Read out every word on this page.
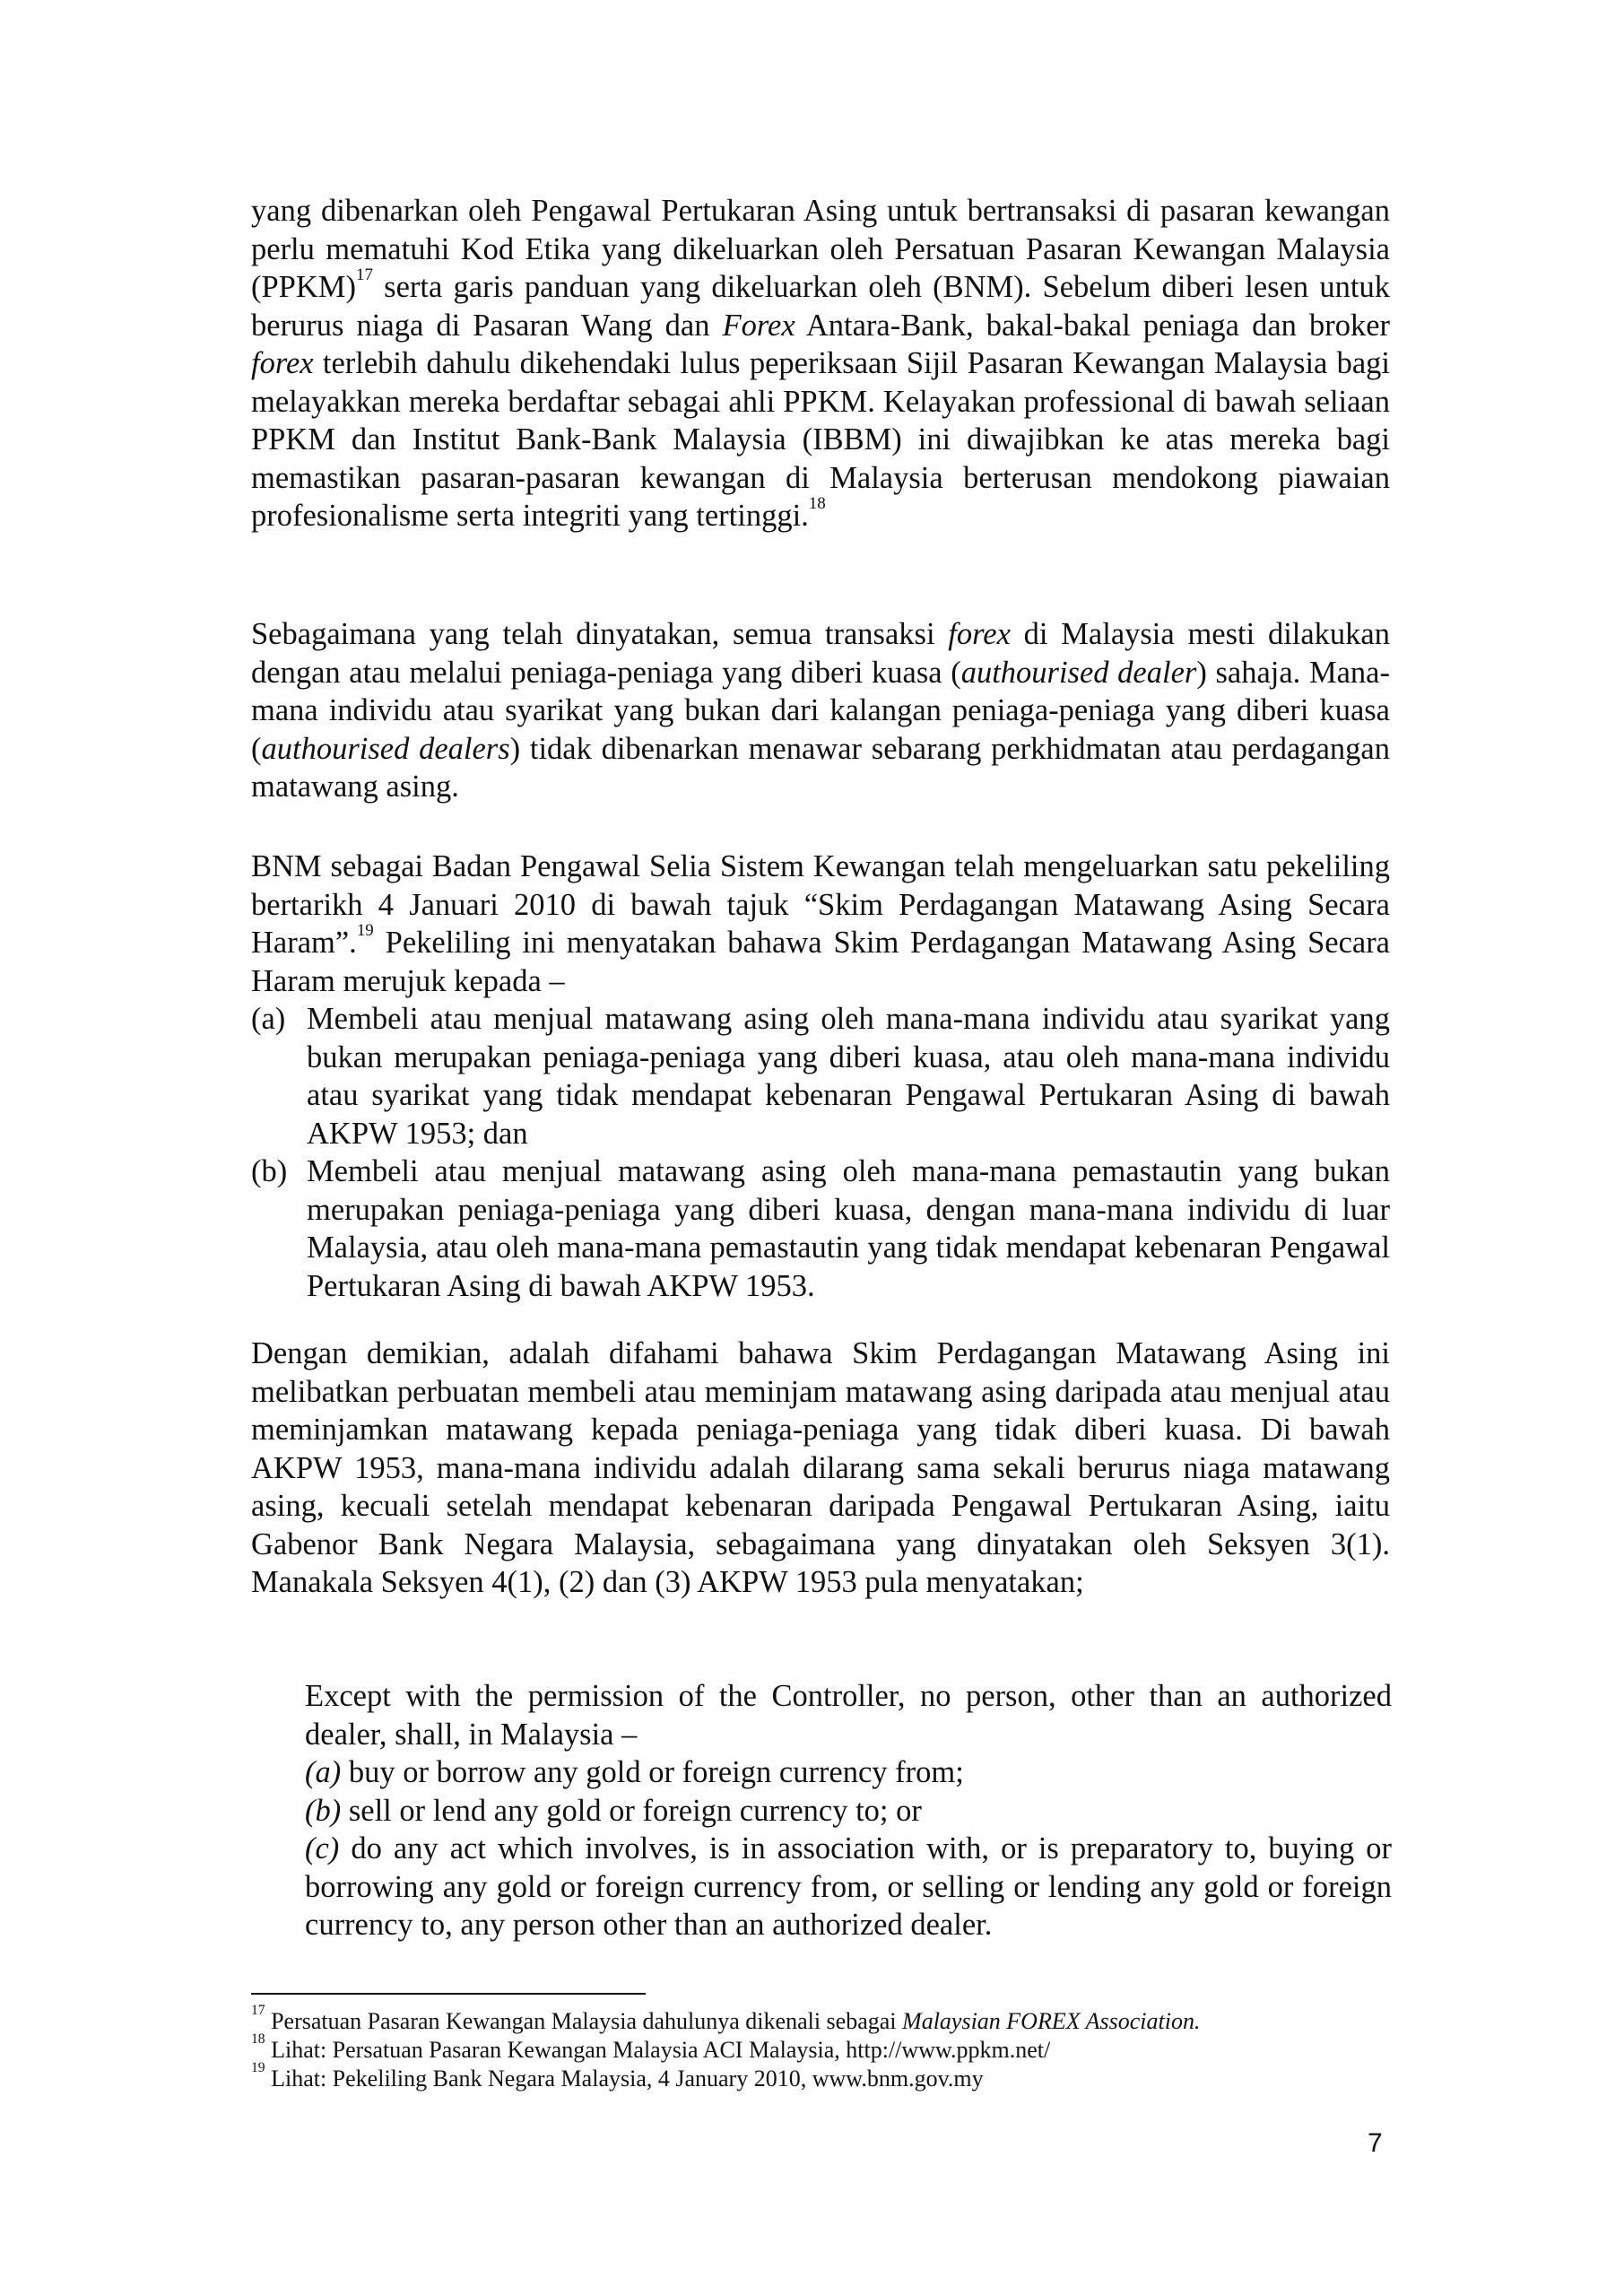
yang dibenarkan oleh Pengawal Pertukaran Asing untuk bertransaksi di pasaran kewangan perlu mematuhi Kod Etika yang dikeluarkan oleh Persatuan Pasaran Kewangan Malaysia (PPKM)$^{17}$ serta garis panduan yang dikeluarkan oleh (BNM). Sebelum diberi lesen untuk berurus niaga di Pasaran Wang dan Forex Antara-Bank, bakal-bakal peniaga dan broker forex terlebih dahulu dikehendaki lulus peperiksaan Sijil Pasaran Kewangan Malaysia bagi melayakkan mereka berdaftar sebagai ahli PPKM. Kelayakan professional di bawah seliaan PPKM dan Institut Bank-Bank Malaysia (IBBM) ini diwajibkan ke atas mereka bagi memastikan pasaran-pasaran kewangan di Malaysia berterusan mendokong piawaian profesionalisme serta integriti yang tertinggi.$^{18}$

Sebagaimana yang telah dinyatakan, semua transaksi forex di Malaysia mesti dilakukan dengan atau melalui peniaga-peniaga yang diberi kuasa (authourised dealer) sahaja. Mana-mana individu atau syarikat yang bukan dari kalangan peniaga-peniaga yang diberi kuasa (authourised dealers) tidak dibenarkan menawar sebarang perkhidmatan atau perdagangan matawang asing.

BNM sebagai Badan Pengawal Selia Sistem Kewangan telah mengeluarkan satu pekeliling bertarikh 4 Januari 2010 di bawah tajuk “Skim Perdagangan Matawang Asing Secara Haram”.$^{19}$ Pekeliling ini menyatakan bahawa Skim Perdagangan Matawang Asing Secara Haram merujuk kepada –

(a) Membeli atau menjual matawang asing oleh mana-mana individu atau syarikat yang bukan merupakan peniaga-peniaga yang diberi kuasa, atau oleh mana-mana individu atau syarikat yang tidak mendapat kebenaran Pengawal Pertukaran Asing di bawah AKPW 1953; dan

(b) Membeli atau menjual matawang asing oleh mana-mana pemastautin yang bukan merupakan peniaga-peniaga yang diberi kuasa, dengan mana-mana individu di luar Malaysia, atau oleh mana-mana pemastautin yang tidak mendapat kebenaran Pengawal Pertukaran Asing di bawah AKPW 1953.

Dengan demikian, adalah difahami bahawa Skim Perdagangan Matawang Asing ini melibatkan perbuatan membeli atau meminjam matawang asing daripada atau menjual atau meminjamkan matawang kepada peniaga-peniaga yang tidak diberi kuasa. Di bawah AKPW 1953, mana-mana individu adalah dilarang sama sekali berurus niaga matawang asing, kecuali setelah mendapat kebenaran daripada Pengawal Pertukaran Asing, iaitu Gabenor Bank Negara Malaysia, sebagaimana yang dinyatakan oleh Seksyen 3(1). Manakala Seksyen 4(1), (2) dan (3) AKPW 1953 pula menyatakan;

Except with the permission of the Controller, no person, other than an authorized dealer, shall, in Malaysia –

(a) buy or borrow any gold or foreign currency from;

(b) sell or lend any gold or foreign currency to; or

(c) do any act which involves, is in association with, or is preparatory to, buying or borrowing any gold or foreign currency from, or selling or lending any gold or foreign currency to, any person other than an authorized dealer.

$^{17}$ Persatuan Pasaran Kewangan Malaysia dahulunya dikenali sebagai Malaysian FOREX Association.

$^{18}$ Lihat: Persatuan Pasaran Kewangan Malaysia ACI Malaysia, http://www.ppkm.net/

$^{19}$ Lihat: Pekeliling Bank Negara Malaysia, 4 January 2010, www.bnm.gov.my

7
